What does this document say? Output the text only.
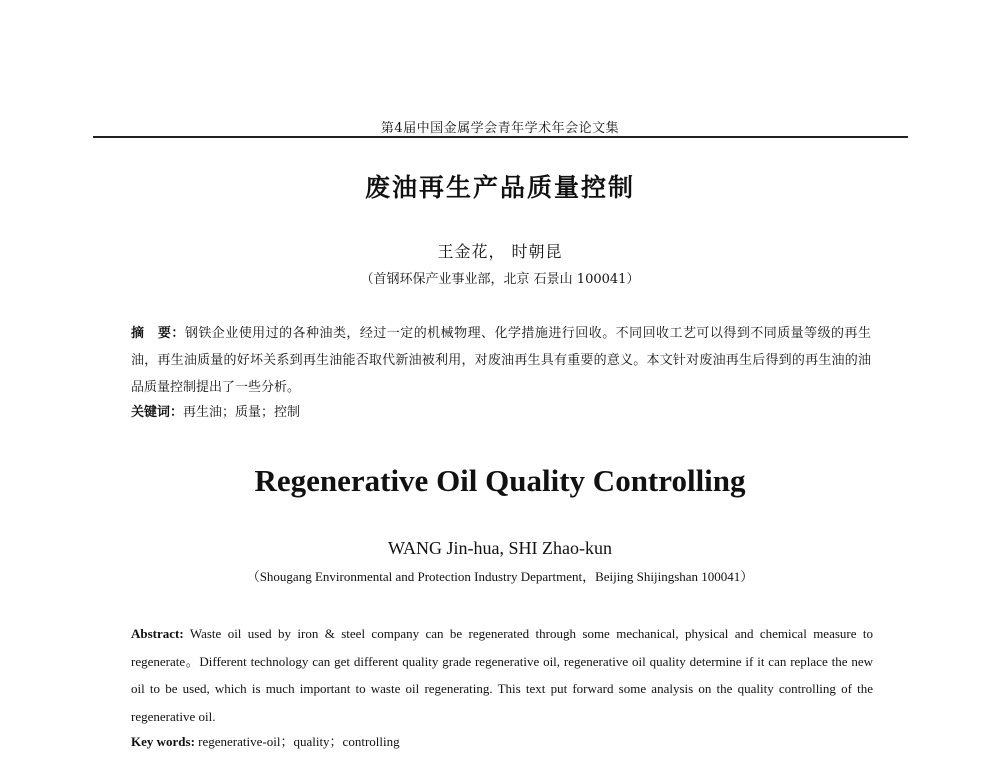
第4届中国金属学会青年学术年会论文集
废油再生产品质量控制
王金花， 时朝昆
（首钢环保产业事业部，北京 石景山 100041）
摘　要：钢铁企业使用过的各种油类，经过一定的机械物理、化学措施进行回收。不同回收工艺可以得到不同质量等级的再生油，再生油质量的好坏关系到再生油能否取代新油被利用，对废油再生具有重要的意义。本文针对废油再生后得到的再生油的油品质量控制提出了一些分析。
关键词：再生油；质量；控制
Regenerative Oil Quality Controlling
WANG Jin-hua, SHI Zhao-kun
（Shougang Environmental and Protection Industry Department，Beijing Shijingshan 100041）
Abstract: Waste oil used by iron & steel company can be regenerated through some mechanical, physical and chemical measure to regenerate。Different technology can get different quality grade regenerative oil, regenerative oil quality determine if it can replace the new oil to be used, which is much important to waste oil regenerating. This text put forward some analysis on the quality controlling of the regenerative oil.
Key words: regenerative-oil；quality；controlling
